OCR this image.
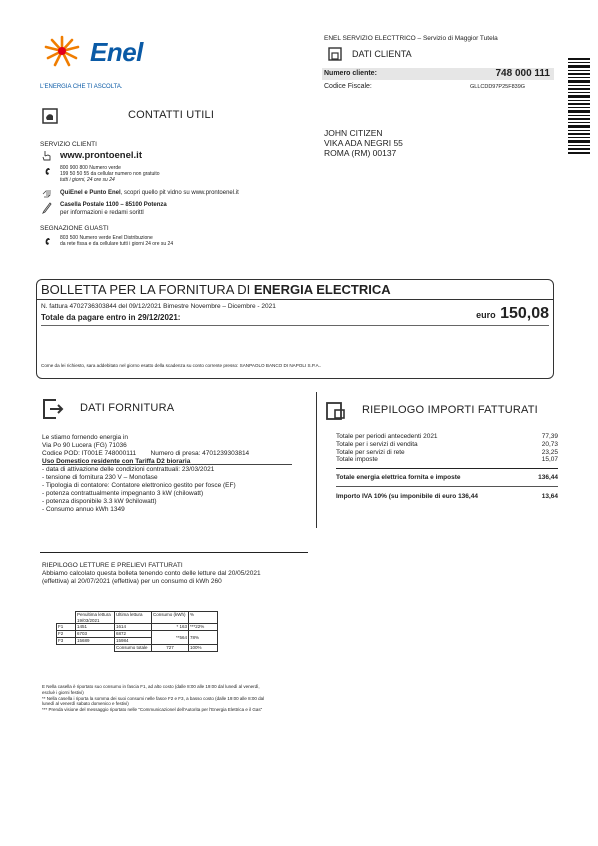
Enel
L'ENERGIA CHE TI ASCOLTA.
ENEL SERVIZIO ELECTTRICO – Servizio di Maggior Tutela
DATI CLIENTA
Numero cliente:	748 000 111
Codice Fiscale:	GLLCDD97P25F839G
CONTATTI UTILI
SERVIZIO CLIENTI
www.prontoenel.it
800 900 800 Numero verde
199 50 50 55 da cellular numero non gratuito
tutti i giorni, 24 ore su 24
QuiEnel e Punto Enel, scopri quello pit vidno su www.prontoenel.it
Casella Postale 1100 – 85100 Potenza
per informazioni e redami sorittl
SEGNAZIONE GUASTI
803 500 Numero verde Enel Distribuzione
da rete fissa e da cellulare tutti i giorni 24 ore su 24
JOHN CITIZEN
VIKA ADA NEGRI 55
ROMA (RM) 00137
BOLLETTA PER LA FORNITURA DI ENERGIA ELECTRICA
N. fattura 4702736303844 del 09/12/2021 Bimestre Novembre – Dicembre - 2021
Totale da pagare entro in 29/12/2021:	euro 150,08
Come da lei richiesto, sara addebitato nel giorno esatto della scadenza su conto corrente presso: SANPAOLO BANCO DI NAPOLI S.P.A..
DATI FORNITURA
Le stiamo fornendo energia in
Via Po 90 Lucera (FG) 71036
Codice POD: IT001E 748000111        Numero di presa: 4701239303814
Uso Domestico residente con Tariffa D2 bioraria
- data di attivazione delle condizioni contrattuali: 23/03/2021
- tensione di fornitura 230 V – Monofase
- Tipologia di contatore: Contatore elettronico gestito per fosce (EF)
- potenza contrattualmente impegnanto 3 kW (chilowatt)
- potenza disponibile 3.3 kW 9chilowatt)
- Consumo annuo kWh 1349
RIEPILOGO LETTURE E PRELIEVI FATTURATI
Abbiamo calcolato questa bolleta tenendo conto delle letture dal 20/05/2021 (effettiva) al 20/07/2021 (effettiva) per un consumo di kWh 260
	Penultima lettura 19/03/2021	Ultima lettura	Consumo (kWh)	%
F1	1451	1614	* 163	***22%
F2	6703	6872	**564	78%
F3	15689	15984		
		Consumo totale	727	100%
E Nella casella è riportato suo consumo in fascia F1, ad alto costo (dalle 8:00 alle 19:00 dal lunedì al venerdì, escluè i giorni festivi)
** Nella casella i riporta la somma dei suoi consumi nelle fasce F2 e F3, a basso costo (dalle 19:00 alle 8:00 dal lunedì al venerdì sabato domenico e festivi)
*** Prenda visione del messaggio riportato nelle "Communicazionel dell'Autorita per l'Energia Elettrica e il Gas"
RIEPILOGO IMPORTI FATTURATI
Totale per periodi antecedenti 2021	77,39
Totale per i servizi di vendita	20,73
Totale per servizi di rete	23,25
Totale imposte	15,07
Totale energia elettrica fornita e imposte	136,44
Importo IVA 10% (su imponibile di euro 136,44	13,64
